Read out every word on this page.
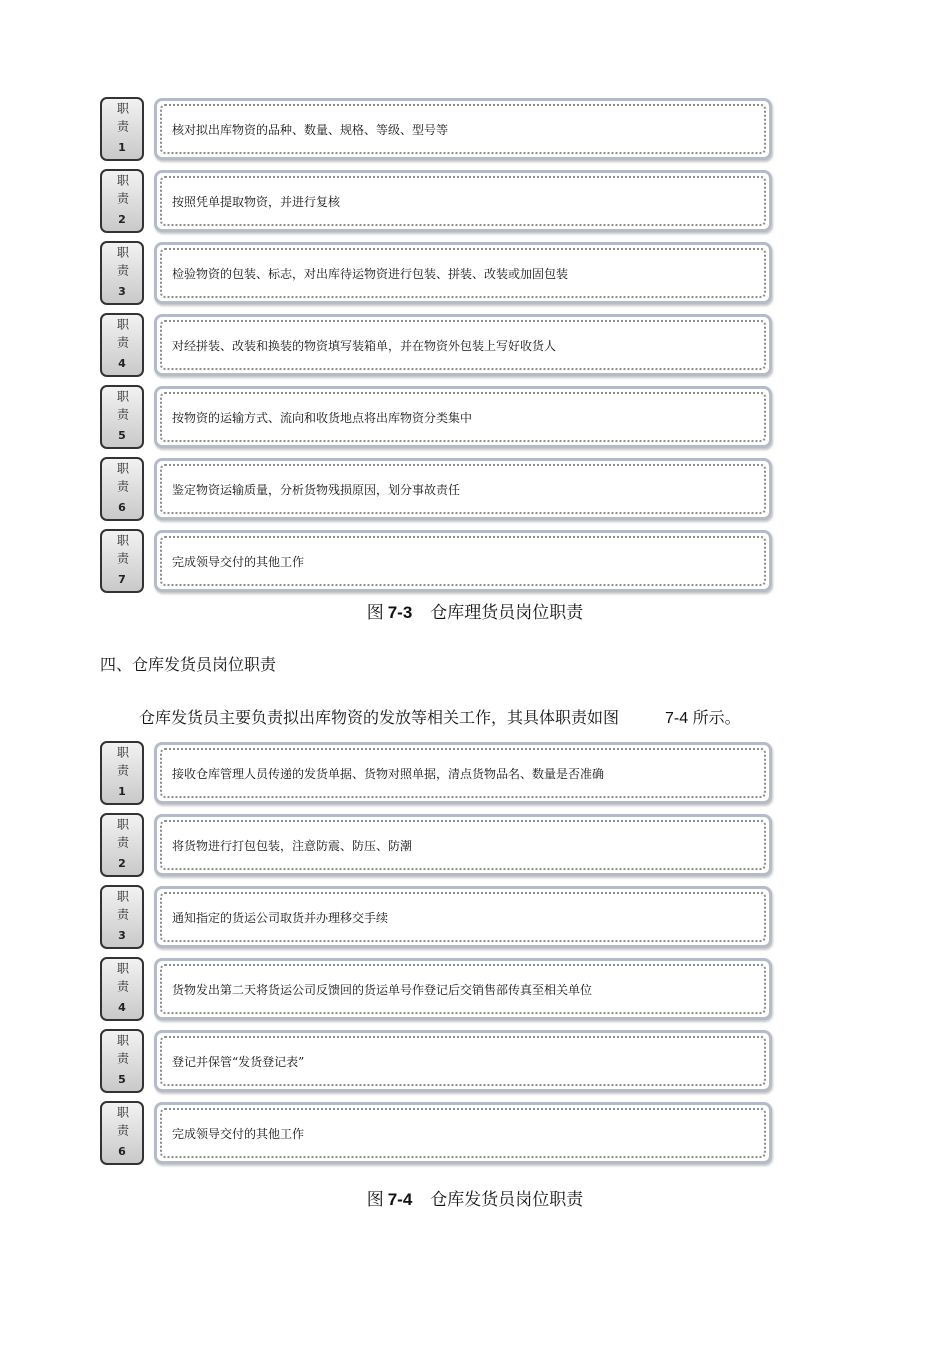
职责
1
核对拟出库物资的品种、数量、规格、等级、型号等
职责
2
按照凭单提取物资，并进行复核
职责
3
检验物资的包装、标志，对出库待运物资进行包装、拼装、改装或加固包装
职责
4
对经拼装、改装和换装的物资填写装箱单，并在物资外包装上写好收货人
职责
5
按物资的运输方式、流向和收货地点将出库物资分类集中
职责
6
鉴定物资运输质量，分析货物残损原因，划分事故责任
职责
7
完成领导交付的其他工作
图 7-3 仓库理货员岗位职责
四、仓库发货员岗位职责
仓库发货员主要负责拟出库物资的发放等相关工作，其具体职责如图	7-4 所示。
职责
1
接收仓库管理人员传递的发货单据、货物对照单据，清点货物品名、数量是否准确
职责
2
将货物进行打包包装，注意防震、防压、防潮
职责
3
通知指定的货运公司取货并办理移交手续
职责
4
货物发出第二天将货运公司反馈回的货运单号作登记后交销售部传真至相关单位
职责
5
登记并保管“发货登记表”
职责
6
完成领导交付的其他工作
图 7-4 仓库发货员岗位职责
